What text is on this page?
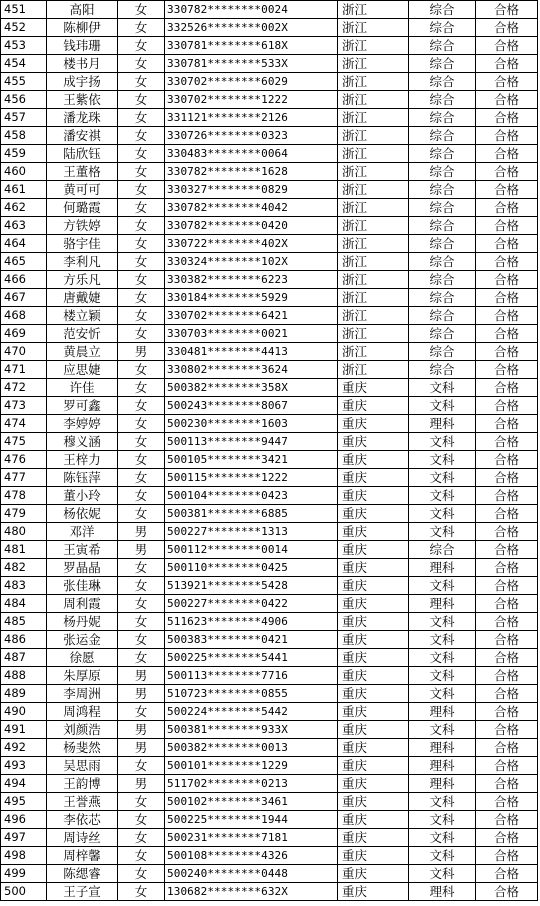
451	高阳	女	330782********0024	浙江	综合	合格
452	陈柳伊	女	332526********002X	浙江	综合	合格
453	钱玮珊	女	330781********618X	浙江	综合	合格
454	楼书月	女	330781********533X	浙江	综合	合格
455	成宇扬	女	330702********6029	浙江	综合	合格
456	王紫依	女	330702********1222	浙江	综合	合格
457	潘龙珠	女	331121********2126	浙江	综合	合格
458	潘安祺	女	330726********0323	浙江	综合	合格
459	陆欣钰	女	330483********0064	浙江	综合	合格
460	王董格	女	330782********1628	浙江	综合	合格
461	黄可可	女	330327********0829	浙江	综合	合格
462	何璐霞	女	330782********4042	浙江	综合	合格
463	方铁婷	女	330782********0420	浙江	综合	合格
464	骆宇佳	女	330722********402X	浙江	综合	合格
465	李利凡	女	330324********102X	浙江	综合	合格
466	方乐凡	女	330382********6223	浙江	综合	合格
467	唐戴婕	女	330184********5929	浙江	综合	合格
468	楼立颖	女	330702********6421	浙江	综合	合格
469	范安忻	女	330703********0021	浙江	综合	合格
470	黄晨立	男	330481********4413	浙江	综合	合格
471	应思婕	女	330802********3624	浙江	综合	合格
472	许佳	女	500382********358X	重庆	文科	合格
473	罗可鑫	女	500243********8067	重庆	文科	合格
474	李婷婷	女	500230********1603	重庆	理科	合格
475	穆义涵	女	500113********9447	重庆	文科	合格
476	王梓力	女	500105********3421	重庆	文科	合格
477	陈钰萍	女	500115********1222	重庆	文科	合格
478	董小玲	女	500104********0423	重庆	文科	合格
479	杨依妮	女	500381********6885	重庆	文科	合格
480	邓洋	男	500227********1313	重庆	文科	合格
481	王寅希	男	500112********0014	重庆	综合	合格
482	罗晶晶	女	500110********0425	重庆	理科	合格
483	张佳琳	女	513921********5428	重庆	文科	合格
484	周利霞	女	500227********0422	重庆	理科	合格
485	杨丹妮	女	511623********4906	重庆	文科	合格
486	张运金	女	500383********0421	重庆	文科	合格
487	徐愿	女	500225********5441	重庆	文科	合格
488	朱厚原	男	500113********7716	重庆	文科	合格
489	李周洲	男	510723********0855	重庆	文科	合格
490	周鸿程	女	500224********5442	重庆	理科	合格
491	刘颜浩	男	500381********933X	重庆	文科	合格
492	杨斐然	男	500382********0013	重庆	理科	合格
493	吴思雨	女	500101********1229	重庆	理科	合格
494	王韵博	男	511702********0213	重庆	理科	合格
495	王誉燕	女	500102********3461	重庆	文科	合格
496	李依芯	女	500225********1944	重庆	文科	合格
497	周诗丝	女	500231********7181	重庆	文科	合格
498	周梓馨	女	500108********4326	重庆	文科	合格
499	陈缌睿	女	500240********0448	重庆	文科	合格
500	王子宣	女	130682********632X	重庆	理科	合格
